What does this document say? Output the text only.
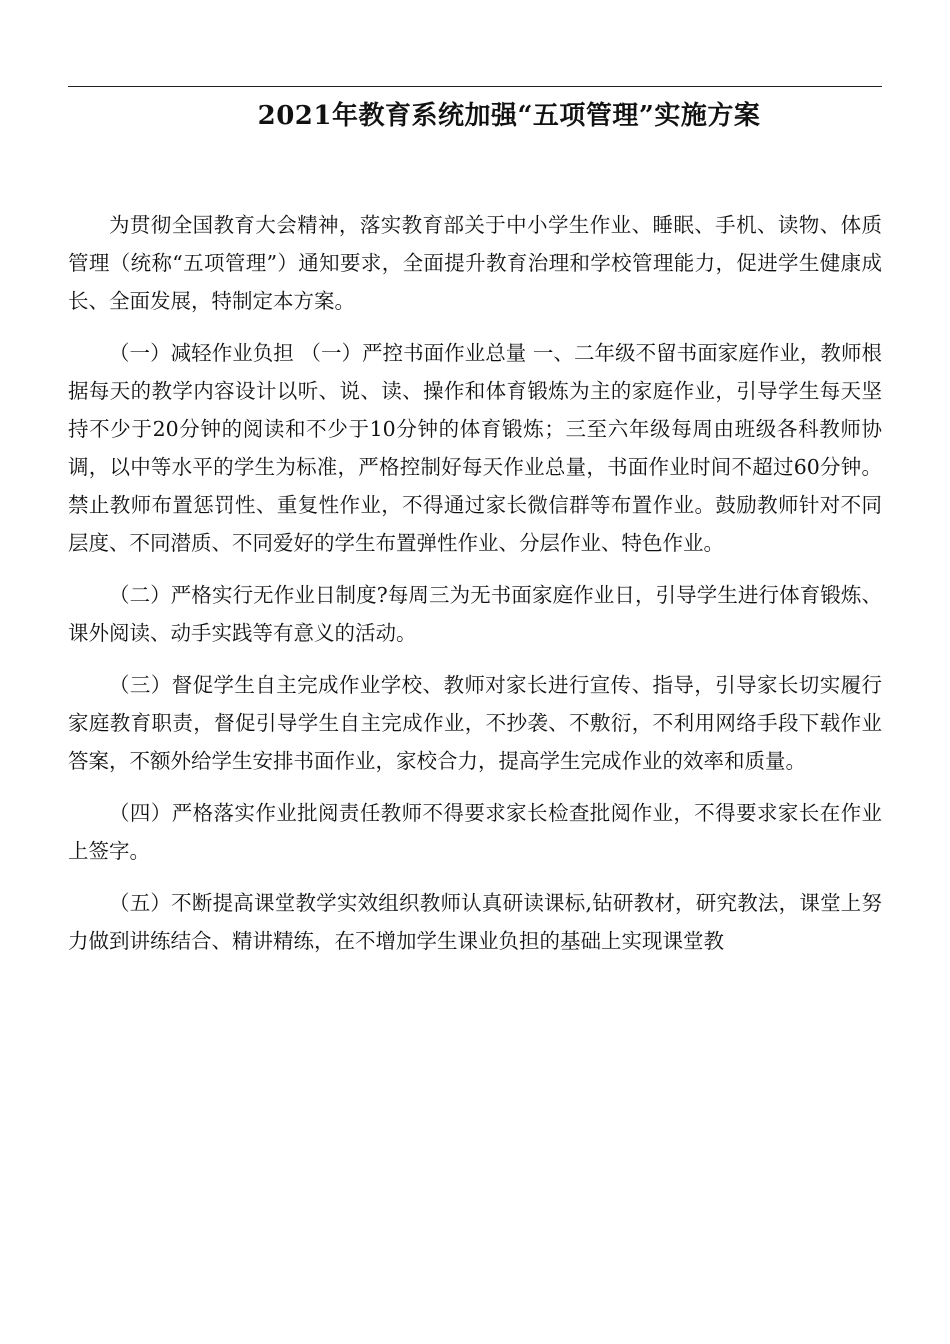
2021年教育系统加强“五项管理”实施方案

为贯彻全国教育大会精神，落实教育部关于中小学生作业、睡眠、手机、读物、体质管理（统称“五项管理”）通知要求，全面提升教育治理和学校管理能力，促进学生健康成长、全面发展，特制定本方案。

（一）减轻作业负担 （一）严控书面作业总量 一、二年级不留书面家庭作业，教师根据每天的教学内容设计以听、说、读、操作和体育锻炼为主的家庭作业，引导学生每天坚持不少于20分钟的阅读和不少于10分钟的体育锻炼；三至六年级每周由班级各科教师协调，以中等水平的学生为标准，严格控制好每天作业总量，书面作业时间不超过60分钟。禁止教师布置惩罚性、重复性作业，不得通过家长微信群等布置作业。鼓励教师针对不同层度、不同潜质、不同爱好的学生布置弹性作业、分层作业、特色作业。

（二）严格实行无作业日制度?每周三为无书面家庭作业日，引导学生进行体育锻炼、课外阅读、动手实践等有意义的活动。

（三）督促学生自主完成作业学校、教师对家长进行宣传、指导，引导家长切实履行家庭教育职责，督促引导学生自主完成作业，不抄袭、不敷衍，不利用网络手段下载作业答案，不额外给学生安排书面作业，家校合力，提高学生完成作业的效率和质量。

（四）严格落实作业批阅责任教师不得要求家长检查批阅作业，不得要求家长在作业上签字。

（五）不断提高课堂教学实效组织教师认真研读课标,钻研教材，研究教法，课堂上努力做到讲练结合、精讲精练，在不增加学生课业负担的基础上实现课堂教
